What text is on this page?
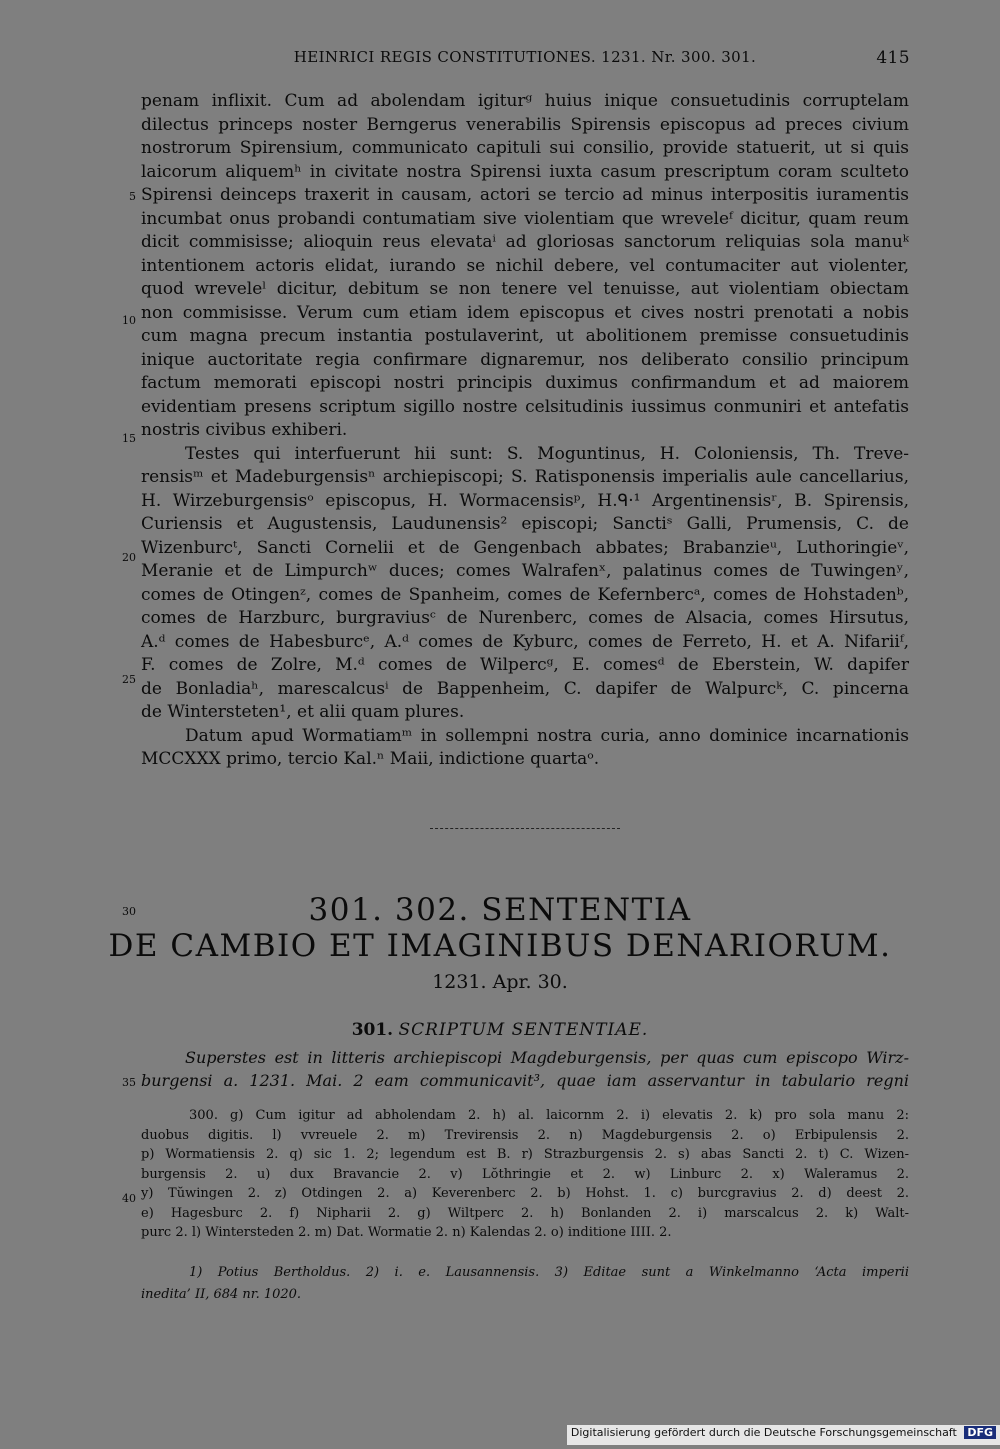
HEINRICI REGIS CONSTITUTIONES. 1231. Nr. 300. 301.	415
penam inflixit. Cum ad abolendam igiturᵍ huius inique consuetudinis corruptelam
dilectus princeps noster Berngerus venerabilis Spirensis episcopus ad preces civium
nostrorum Spirensium, communicato capituli sui consilio, provide statuerit, ut si quis
laicorum aliquemʰ in civitate nostra Spirensi iuxta casum prescriptum coram sculteto
Spirensi deinceps traxerit in causam, actori se tercio ad minus interpositis iuramentis
incumbat onus probandi contumatiam sive violentiam que wreveleᶠ dicitur, quam reum
dicit commisisse; alioquin reus elevataⁱ ad gloriosas sanctorum reliquias sola manuᵏ
intentionem actoris elidat, iurando se nichil debere, vel contumaciter aut violenter,
quod wreveleˡ dicitur, debitum se non tenere vel tenuisse, aut violentiam obiectam
non commisisse. Verum cum etiam idem episcopus et cives nostri prenotati a nobis
cum magna precum instantia postulaverint, ut abolitionem premisse consuetudinis
inique auctoritate regia confirmare dignaremur, nos deliberato consilio principum
factum memorati episcopi nostri principis duximus confirmandum et ad maiorem
evidentiam presens scriptum sigillo nostre celsitudinis iussimus conmuniri et antefatis
nostris civibus exhiberi.
Testes qui interfuerunt hii sunt: S. Moguntinus, H. Coloniensis, Th. Treve-
rensisᵐ et Madeburgensisⁿ archiepiscopi; S. Ratisponensis imperialis aule cancellarius,
H. Wirzeburgensisᵒ episcopus, H. Wormacensisᵖ, H.ᑫ·¹ Argentinensisʳ, B. Spirensis,
Curiensis et Augustensis, Laudunensis² episcopi; Sanctiˢ Galli, Prumensis, C. de
Wizenburcᵗ, Sancti Cornelii et de Gengenbach abbates; Brabanzieᵘ, Luthoringieᵛ,
Meranie et de Limpurchʷ duces; comes Walrafenˣ, palatinus comes de Tuwingenʸ,
comes de Otingenᶻ, comes de Spanheim, comes de Kefernbercᵃ, comes de Hohstadenᵇ,
comes de Harzburc, burgraviusᶜ de Nurenberc, comes de Alsacia, comes Hirsutus,
A.ᵈ comes de Habesburcᵉ, A.ᵈ comes de Kyburc, comes de Ferreto, H. et A. Nifariiᶠ,
F. comes de Zolre, M.ᵈ comes de Wilpercᵍ, E. comesᵈ de Eberstein, W. dapifer
de Bonladiaʰ, marescalcusⁱ de Bappenheim, C. dapifer de Walpurcᵏ, C. pincerna
de Wintersteten¹, et alii quam plures.
Datum apud Wormatiamᵐ in sollempni nostra curia, anno dominice incarnationis
MCCXXX primo, tercio Kal.ⁿ Maii, indictione quartaᵒ.
5
10
15
20
25
30
35
40
301. 302. SENTENTIA
DE CAMBIO ET IMAGINIBUS DENARIORUM.
1231. Apr. 30.
301. SCRIPTUM SENTENTIAE.
Superstes est in litteris archiepiscopi Magdeburgensis, per quas cum episcopo Wirz-
burgensi a. 1231. Mai. 2 eam communicavit³, quae iam asservantur in tabulario regni
300. g) Cum igitur ad abholendam 2. h) al. laicornm 2. i) elevatis 2. k) pro sola manu 2:
duobus digitis. l) vvreuele 2. m) Trevirensis 2. n) Magdeburgensis 2. o) Erbipulensis 2.
p) Wormatiensis 2. q) sic 1. 2; legendum est B. r) Strazburgensis 2. s) abas Sancti 2. t) C. Wizen-
burgensis 2. u) dux Bravancie 2. v) Lŏthringie et 2. w) Linburc 2. x) Waleramus 2.
y) Tŭwingen 2. z) Otdingen 2. a) Keverenberc 2. b) Hohst. 1. c) burcgravius 2. d) deest 2.
e) Hagesburc 2. f) Nipharii 2. g) Wiltperc 2. h) Bonlanden 2. i) marscalcus 2. k) Walt-
purc 2. l) Wintersteden 2. m) Dat. Wormatie 2. n) Kalendas 2. o) inditione IIII. 2.
1) Potius Bertholdus. 2) i. e. Lausannensis. 3) Editae sunt a Winkelmanno ‘Acta imperii
inedita’ II, 684 nr. 1020.
Digitalisierung gefördert durch die Deutsche Forschungsgemeinschaft DFG
